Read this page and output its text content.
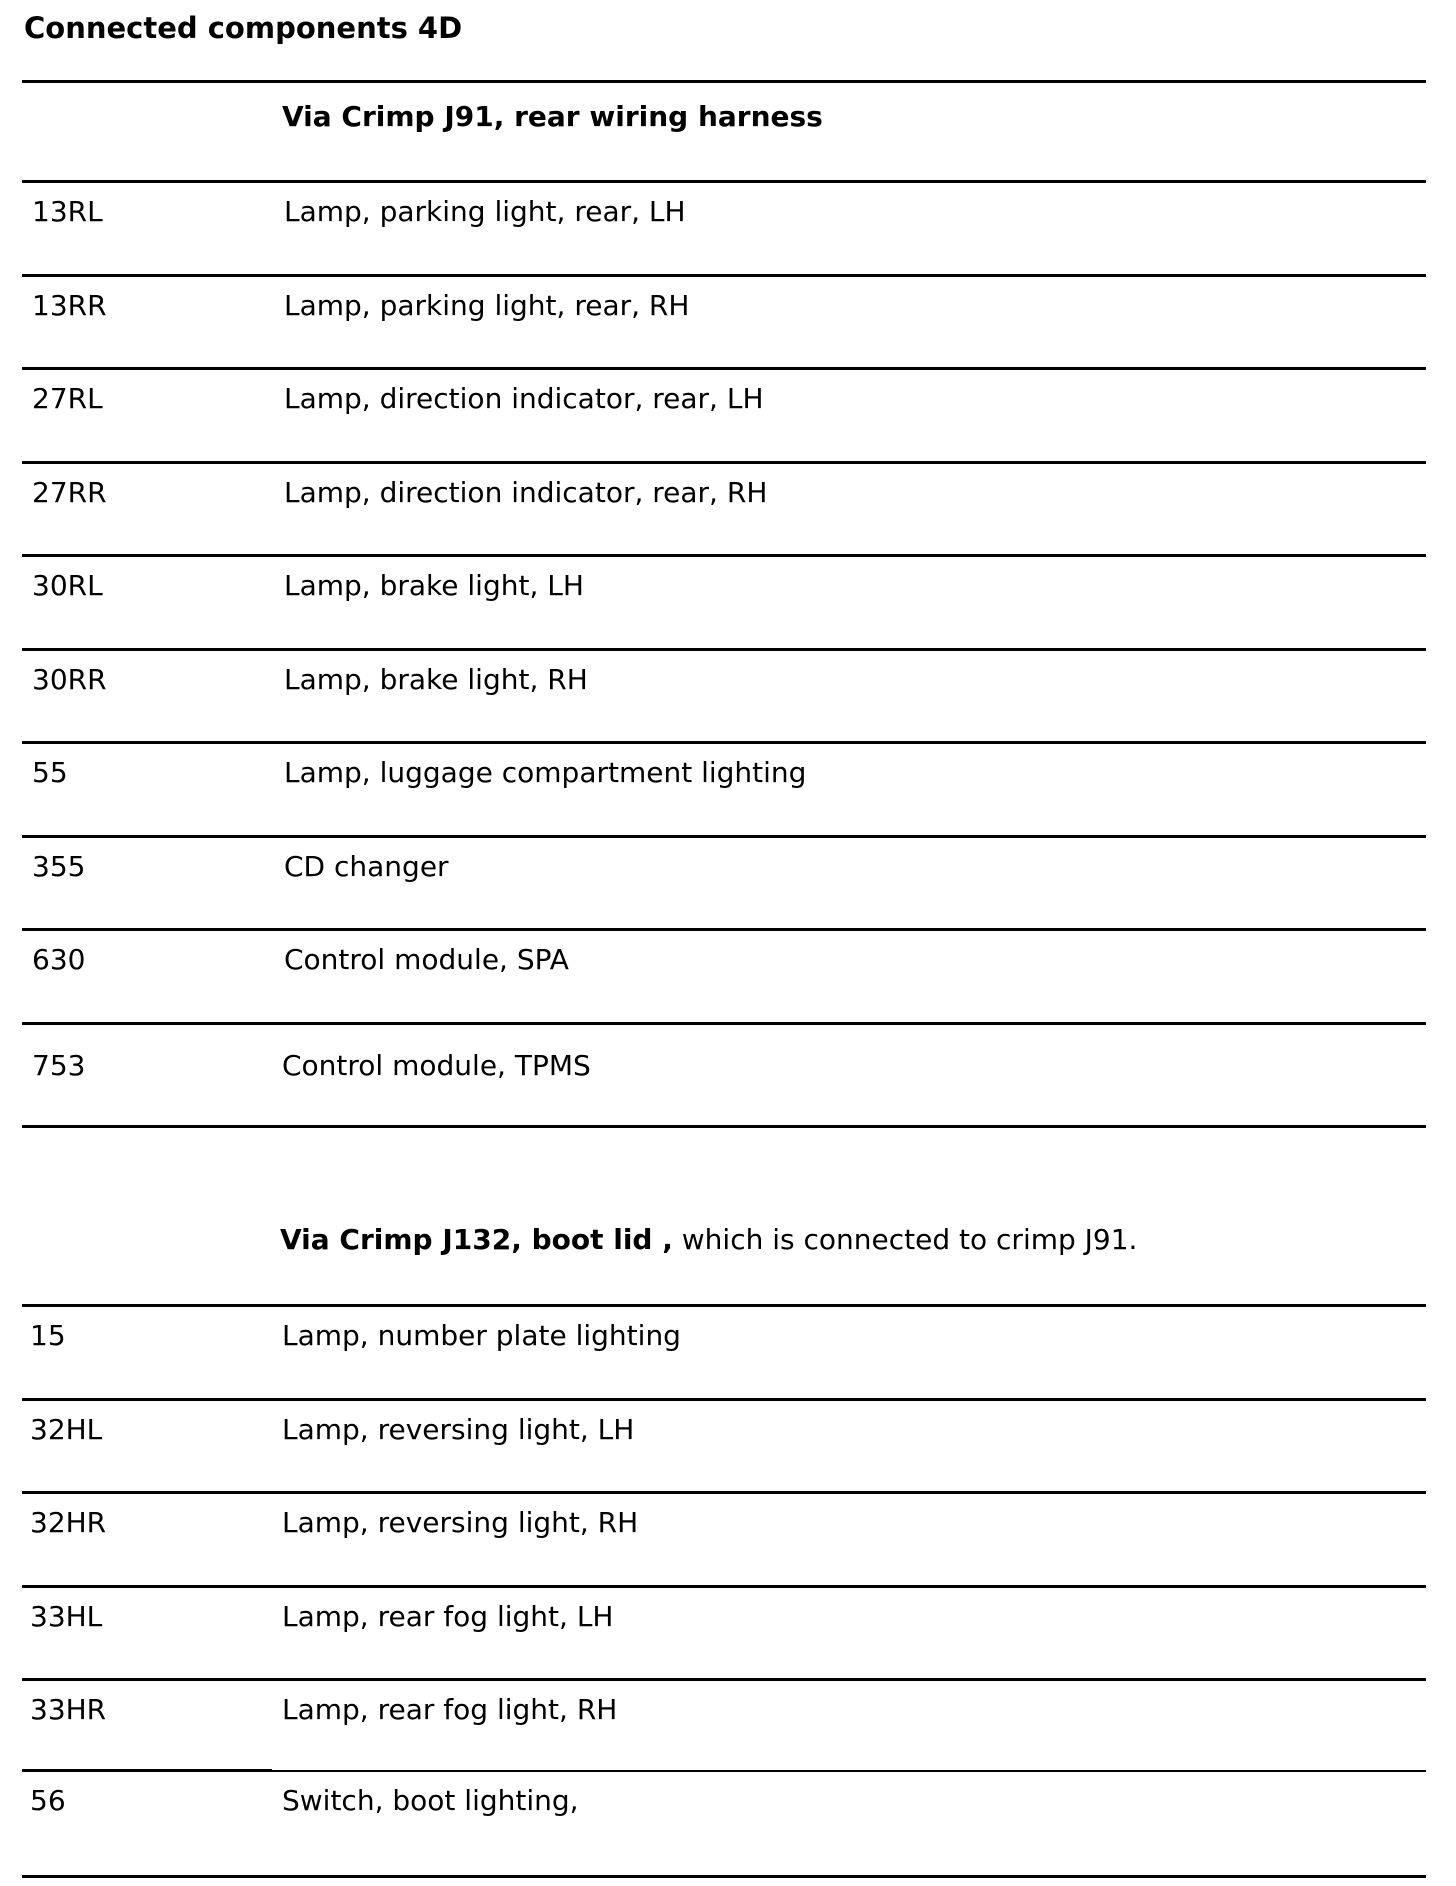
Connected components 4D
Via Crimp J91, rear wiring harness
13RL	Lamp, parking light, rear, LH
13RR	Lamp, parking light, rear, RH
27RL	Lamp, direction indicator, rear, LH
27RR	Lamp, direction indicator, rear, RH
30RL	Lamp, brake light, LH
30RR	Lamp, brake light, RH
55	Lamp, luggage compartment lighting
355	CD changer
630	Control module, SPA
753	Control module, TPMS
Via Crimp J132, boot lid , which is connected to crimp J91.
15	Lamp, number plate lighting
32HL	Lamp, reversing light, LH
32HR	Lamp, reversing light, RH
33HL	Lamp, rear fog light, LH
33HR	Lamp, rear fog light, RH
56	Switch, boot lighting,
